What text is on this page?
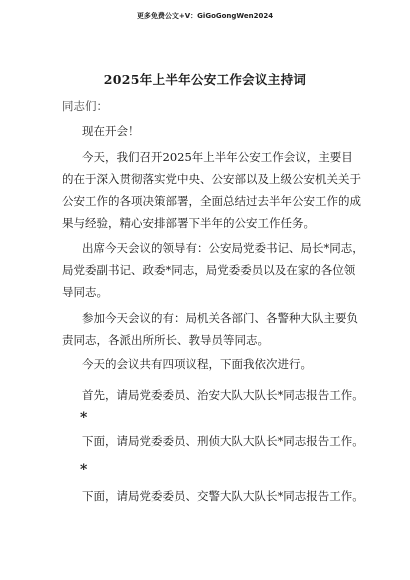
更多免费公文+V：GiGoGongWen2024
2025年上半年公安工作会议主持词
同志们：
现在开会！
今天，我们召开2025年上半年公安工作会议，主要目的在于深入贯彻落实党中央、公安部以及上级公安机关关于公安工作的各项决策部署，全面总结过去半年公安工作的成果与经验，精心安排部署下半年的公安工作任务。
出席今天会议的领导有：公安局党委书记、局长*同志，局党委副书记、政委*同志，局党委委员以及在家的各位领导同志。
参加今天会议的有：局机关各部门、各警种大队主要负责同志，各派出所所长、教导员等同志。
今天的会议共有四项议程，下面我依次进行。
首先，请局党委委员、治安大队大队长*同志报告工作。
*
下面，请局党委委员、刑侦大队大队长*同志报告工作。
*
下面，请局党委委员、交警大队大队长*同志报告工作。
